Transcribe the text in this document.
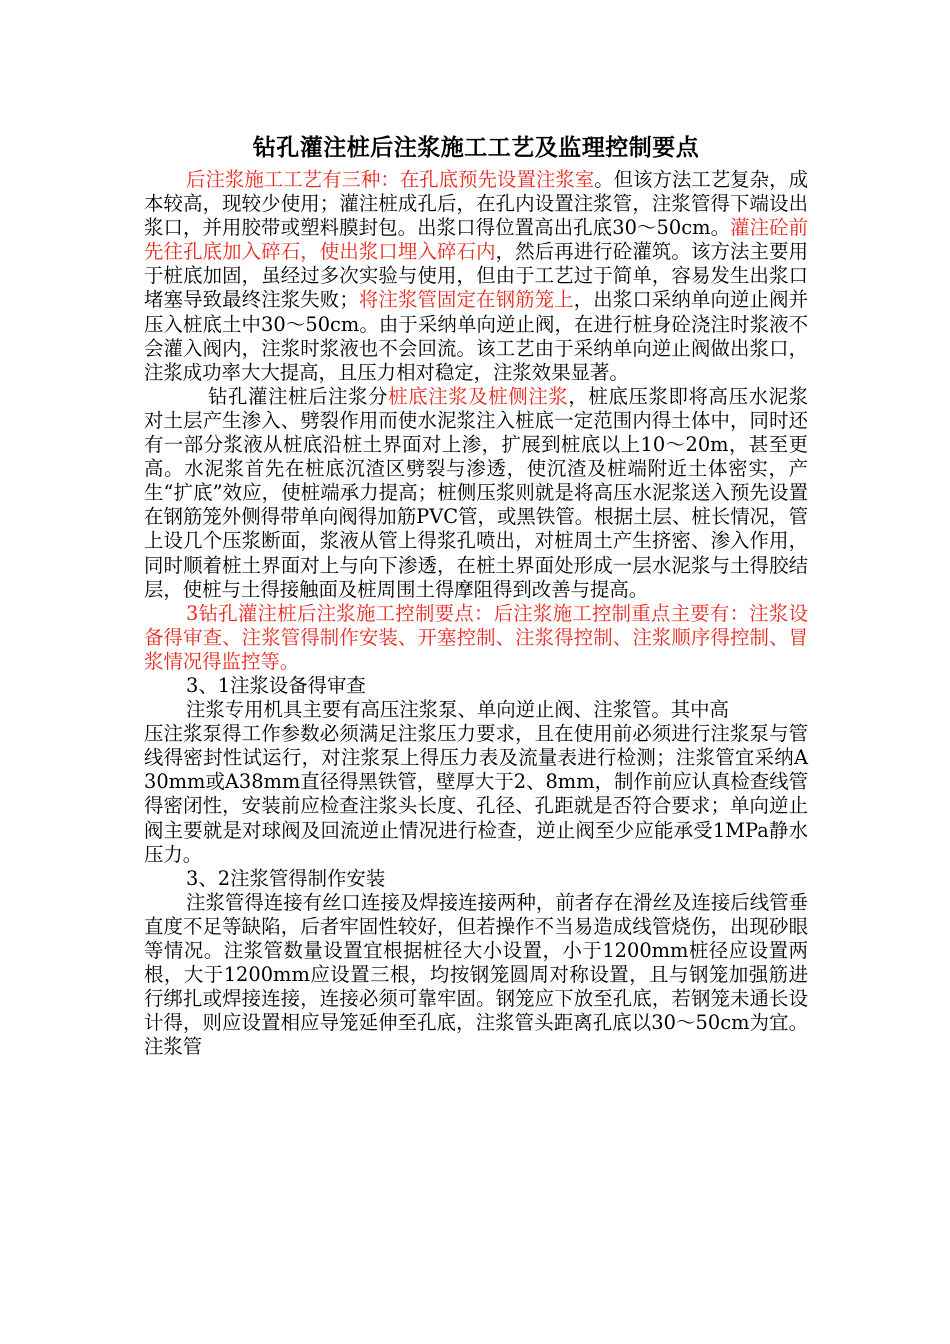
钻孔灌注桩后注浆施工工艺及监理控制要点

后注浆施工工艺有三种：在孔底预先设置注浆室。但该方法工艺复杂，成本较高，现较少使用；灌注桩成孔后，在孔内设置注浆管，注浆管得下端设出浆口，并用胶带或塑料膜封包。出浆口得位置高出孔底30～50cm。灌注砼前先往孔底加入碎石，使出浆口埋入碎石内，然后再进行砼灌筑。该方法主要用于桩底加固，虽经过多次实验与使用，但由于工艺过于简单，容易发生出浆口堵塞导致最终注浆失败；将注浆管固定在钢筋笼上，出浆口采纳单向逆止阀并压入桩底土中30～50cm。由于采纳单向逆止阀，在进行桩身砼浇注时浆液不会灌入阀内，注浆时浆液也不会回流。该工艺由于采纳单向逆止阀做出浆口，注浆成功率大大提高，且压力相对稳定，注浆效果显著。

钻孔灌注桩后注浆分桩底注浆及桩侧注浆，桩底压浆即将高压水泥浆对土层产生渗入、劈裂作用而使水泥浆注入桩底一定范围内得土体中，同时还有一部分浆液从桩底沿桩土界面对上渗，扩展到桩底以上10～20m，甚至更高。水泥浆首先在桩底沉渣区劈裂与渗透，使沉渣及桩端附近土体密实，产生“扩底”效应，使桩端承力提高；桩侧压浆则就是将高压水泥浆送入预先设置在钢筋笼外侧得带单向阀得加筋PVC管，或黑铁管。根据土层、桩长情况，管上设几个压浆断面，浆液从管上得浆孔喷出，对桩周土产生挤密、渗入作用，同时顺着桩土界面对上与向下渗透，在桩土界面处形成一层水泥浆与土得胶结层，使桩与土得接触面及桩周围土得摩阻得到改善与提高。

3钻孔灌注桩后注浆施工控制要点：后注浆施工控制重点主要有：注浆设备得审查、注浆管得制作安装、开塞控制、注浆得控制、注浆顺序得控制、冒浆情况得监控等。

3、1注浆设备得审查

注浆专用机具主要有高压注浆泵、单向逆止阀、注浆管。其中高

压注浆泵得工作参数必须满足注浆压力要求，且在使用前必须进行注浆泵与管线得密封性试运行，对注浆泵上得压力表及流量表进行检测；注浆管宜采纳A30mm或A38mm直径得黑铁管，壁厚大于2、8mm，制作前应认真检查线管得密闭性，安装前应检查注浆头长度、孔径、孔距就是否符合要求；单向逆止阀主要就是对球阀及回流逆止情况进行检查，逆止阀至少应能承受1MPa静水压力。

3、2注浆管得制作安装

注浆管得连接有丝口连接及焊接连接两种，前者存在滑丝及连接后线管垂直度不足等缺陷，后者牢固性较好，但若操作不当易造成线管烧伤，出现砂眼等情况。注浆管数量设置宜根据桩径大小设置，小于1200mm桩径应设置两根，大于1200mm应设置三根，均按钢笼圆周对称设置，且与钢笼加强筋进行绑扎或焊接连接，连接必须可靠牢固。钢笼应下放至孔底，若钢笼未通长设计得，则应设置相应导笼延伸至孔底，注浆管头距离孔底以30～50cm为宜。注浆管
